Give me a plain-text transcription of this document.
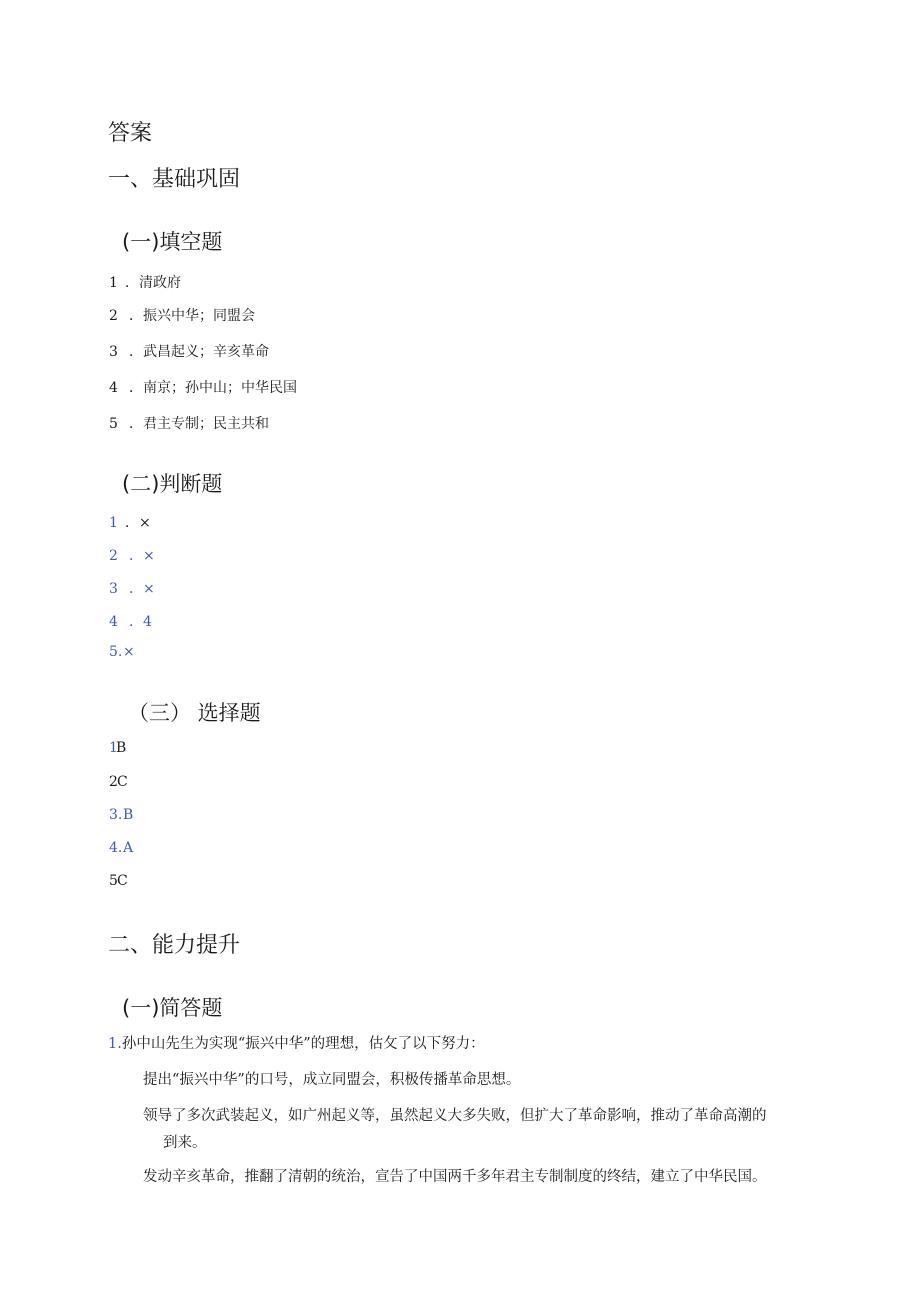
答案
一、基础巩固
(一)填空题
1 ．清政府
2 ．振兴中华；同盟会
3 ．武昌起义；辛亥革命
4 ．南京；孙中山；中华民国
5 ．君主专制；民主共和
(二)判断题
1 ．×
2 ．×
3 ．×
4 ．4
5.×
（三） 选择题
1B
2C
3.B
4.A
5C
二、能力提升
(一)简答题
1.孙中山先生为实现“振兴中华”的理想，估攵了以下努力：
提出“振兴中华”的口号，成立同盟会，积极传播革命思想。
领导了多次武装起义，如广州起义等，虽然起义大多失败，但扩大了革命影响，推动了革命高潮的
到来。
发动辛亥革命，推翻了清朝的统治，宣告了中国两千多年君主专制制度的终结，建立了中华民国。
